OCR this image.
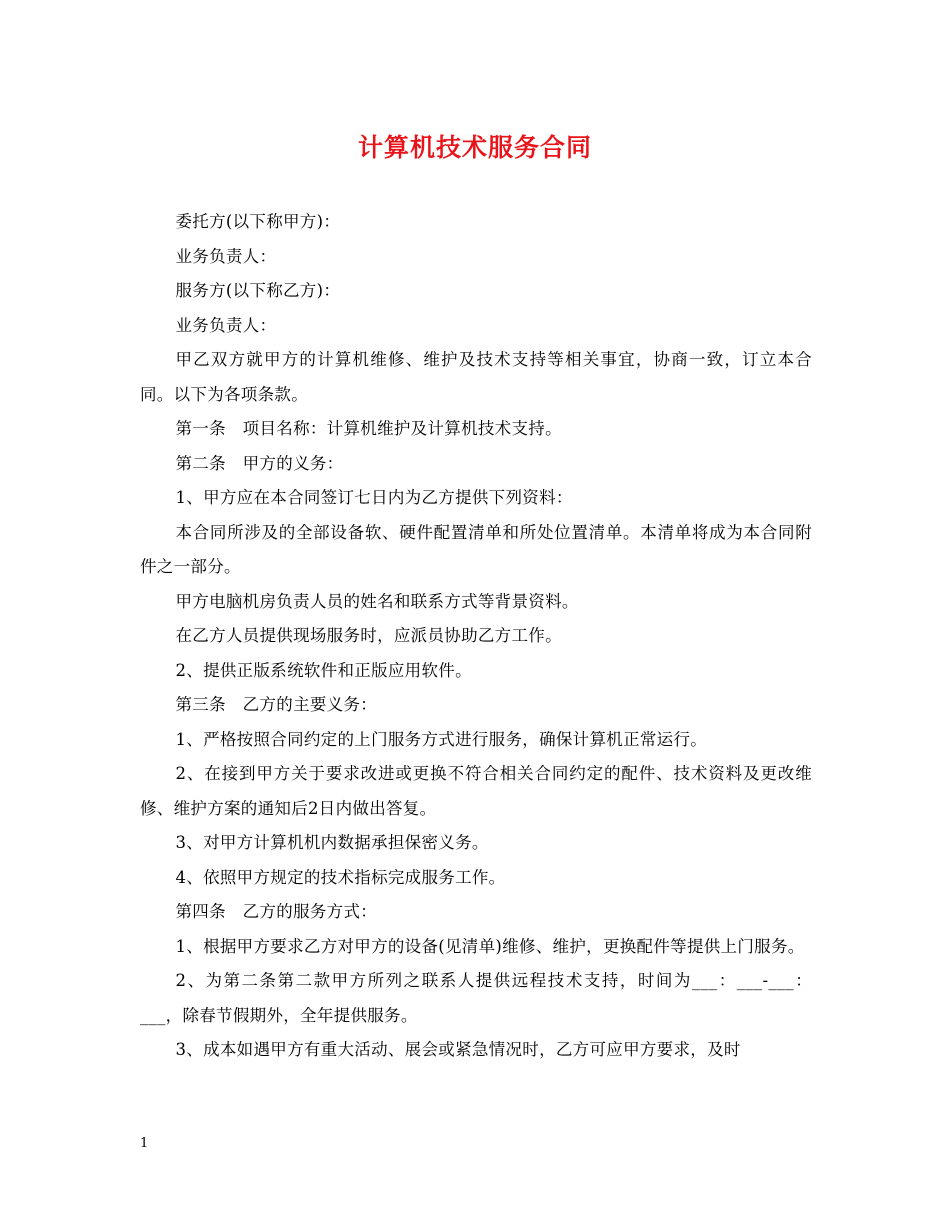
计算机技术服务合同

委托方(以下称甲方)：

业务负责人：

服务方(以下称乙方)：

业务负责人：

甲乙双方就甲方的计算机维修、维护及技术支持等相关事宜，协商一致，订立本合同。以下为各项条款。

第一条　项目名称：计算机维护及计算机技术支持。

第二条　甲方的义务：

1、甲方应在本合同签订七日内为乙方提供下列资料：

本合同所涉及的全部设备软、硬件配置清单和所处位置清单。本清单将成为本合同附件之一部分。

甲方电脑机房负责人员的姓名和联系方式等背景资料。

在乙方人员提供现场服务时，应派员协助乙方工作。

2、提供正版系统软件和正版应用软件。

第三条　乙方的主要义务：

1、严格按照合同约定的上门服务方式进行服务，确保计算机正常运行。

2、在接到甲方关于要求改进或更换不符合相关合同约定的配件、技术资料及更改维修、维护方案的通知后2日内做出答复。

3、对甲方计算机机内数据承担保密义务。

4、依照甲方规定的技术指标完成服务工作。

第四条　乙方的服务方式：

1、根据甲方要求乙方对甲方的设备(见清单)维修、维护，更换配件等提供上门服务。

2、为第二条第二款甲方所列之联系人提供远程技术支持，时间为___：___-___：___，除春节假期外，全年提供服务。

3、成本如遇甲方有重大活动、展会或紧急情况时，乙方可应甲方要求，及时

1
